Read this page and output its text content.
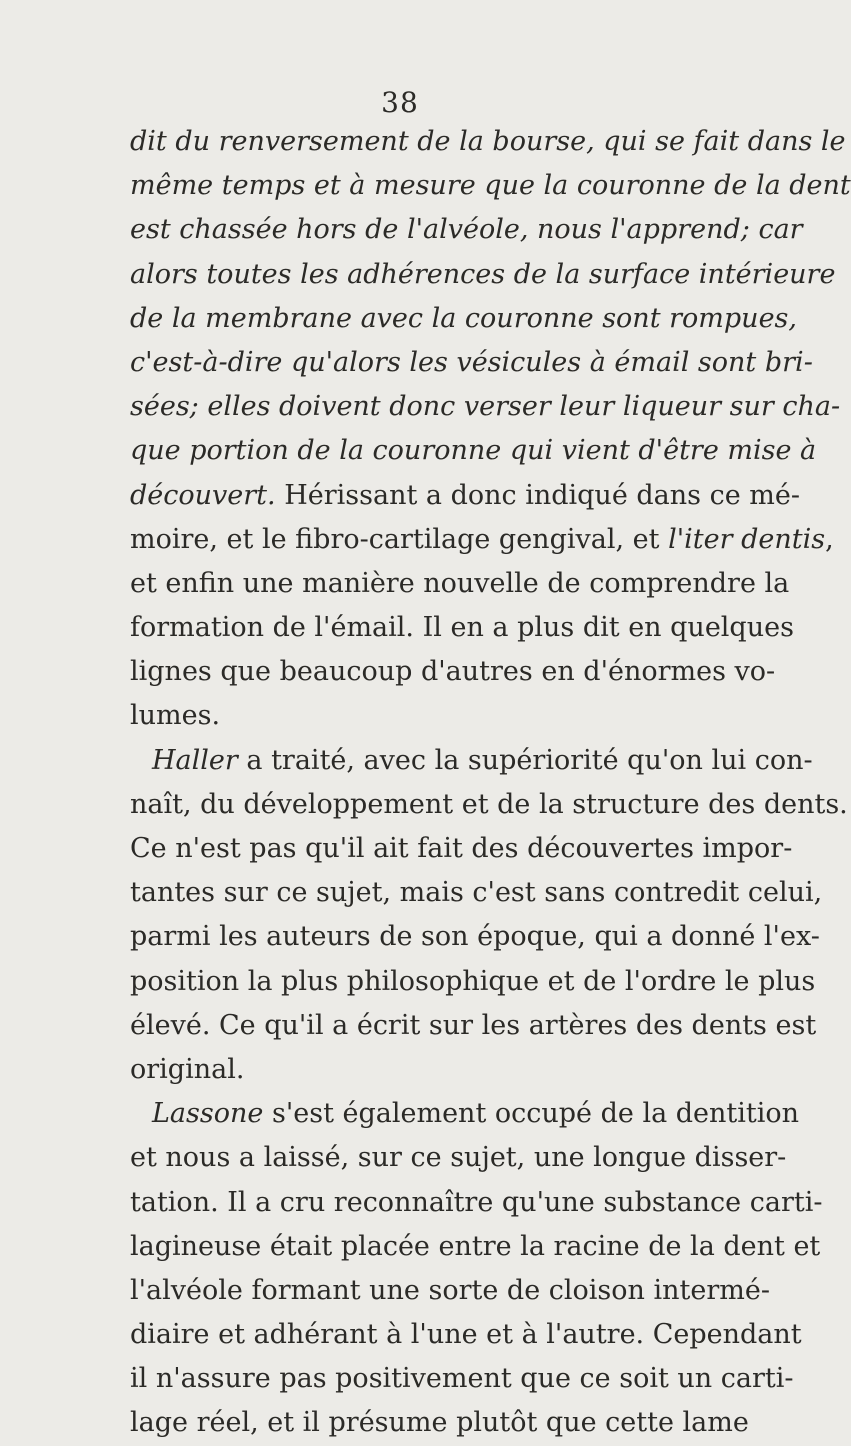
38
dit du renversement de la bourse, qui se fait dans le
même temps et à mesure que la couronne de la dent
est chassée hors de l'alvéole, nous l'apprend; car
alors toutes les adhérences de la surface intérieure
de la membrane avec la couronne sont rompues,
c'est-à-dire qu'alors les vésicules à émail sont bri-
sées; elles doivent donc verser leur liqueur sur cha-
que portion de la couronne qui vient d'être mise à
découvert. Hérissant a donc indiqué dans ce mé-
moire, et le fibro-cartilage gengival, et l'iter dentis,
et enfin une manière nouvelle de comprendre la
formation de l'émail. Il en a plus dit en quelques
lignes que beaucoup d'autres en d'énormes vo-
lumes.
Haller a traité, avec la supériorité qu'on lui con-
naît, du développement et de la structure des dents.
Ce n'est pas qu'il ait fait des découvertes impor-
tantes sur ce sujet, mais c'est sans contredit celui,
parmi les auteurs de son époque, qui a donné l'ex-
position la plus philosophique et de l'ordre le plus
élevé. Ce qu'il a écrit sur les artères des dents est
original.
Lassone s'est également occupé de la dentition
et nous a laissé, sur ce sujet, une longue disser-
tation. Il a cru reconnaître qu'une substance carti-
lagineuse était placée entre la racine de la dent et
l'alvéole formant une sorte de cloison intermé-
diaire et adhérant à l'une et à l'autre. Cependant
il n'assure pas positivement que ce soit un carti-
lage réel, et il présume plutôt que cette lame
